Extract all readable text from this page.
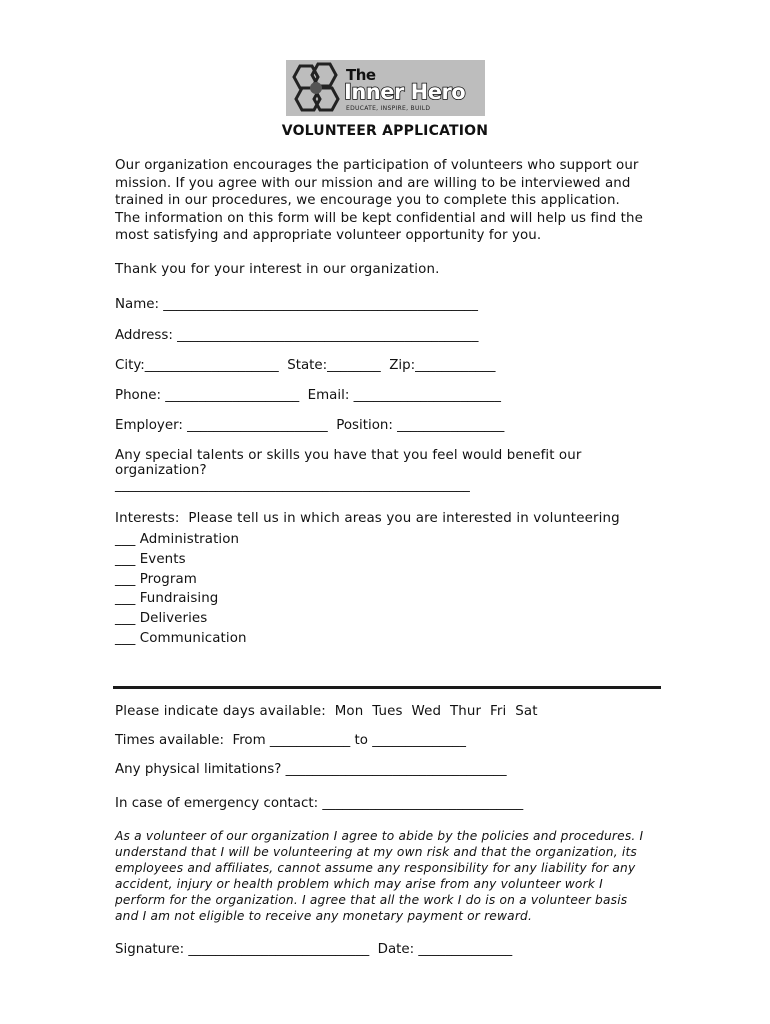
The
Inner Hero
EDUCATE, INSPIRE, BUILD
VOLUNTEER APPLICATION
Our organization encourages the participation of volunteers who support our
mission. If you agree with our mission and are willing to be interviewed and
trained in our procedures, we encourage you to complete this application.
The information on this form will be kept confidential and will help us find the
most satisfying and appropriate volunteer opportunity for you.
Thank you for your interest in our organization.
Name: _______________________________________________
Address: _____________________________________________
City:____________________  State:________  Zip:____________
Phone: ____________________  Email: ______________________
Employer: _____________________  Position: ________________
Any special talents or skills you have that you feel would benefit our
organization?
_____________________________________________________
Interests:  Please tell us in which areas you are interested in volunteering
___ Administration
___ Events
___ Program
___ Fundraising
___ Deliveries
___ Communication
Please indicate days available:  Mon  Tues  Wed  Thur  Fri  Sat
Times available:  From ____________ to ______________
Any physical limitations? _________________________________
In case of emergency contact: ______________________________
As a volunteer of our organization I agree to abide by the policies and procedures. I
understand that I will be volunteering at my own risk and that the organization, its
employees and affiliates, cannot assume any responsibility for any liability for any
accident, injury or health problem which may arise from any volunteer work I
perform for the organization. I agree that all the work I do is on a volunteer basis
and I am not eligible to receive any monetary payment or reward.
Signature: ___________________________  Date: ______________
